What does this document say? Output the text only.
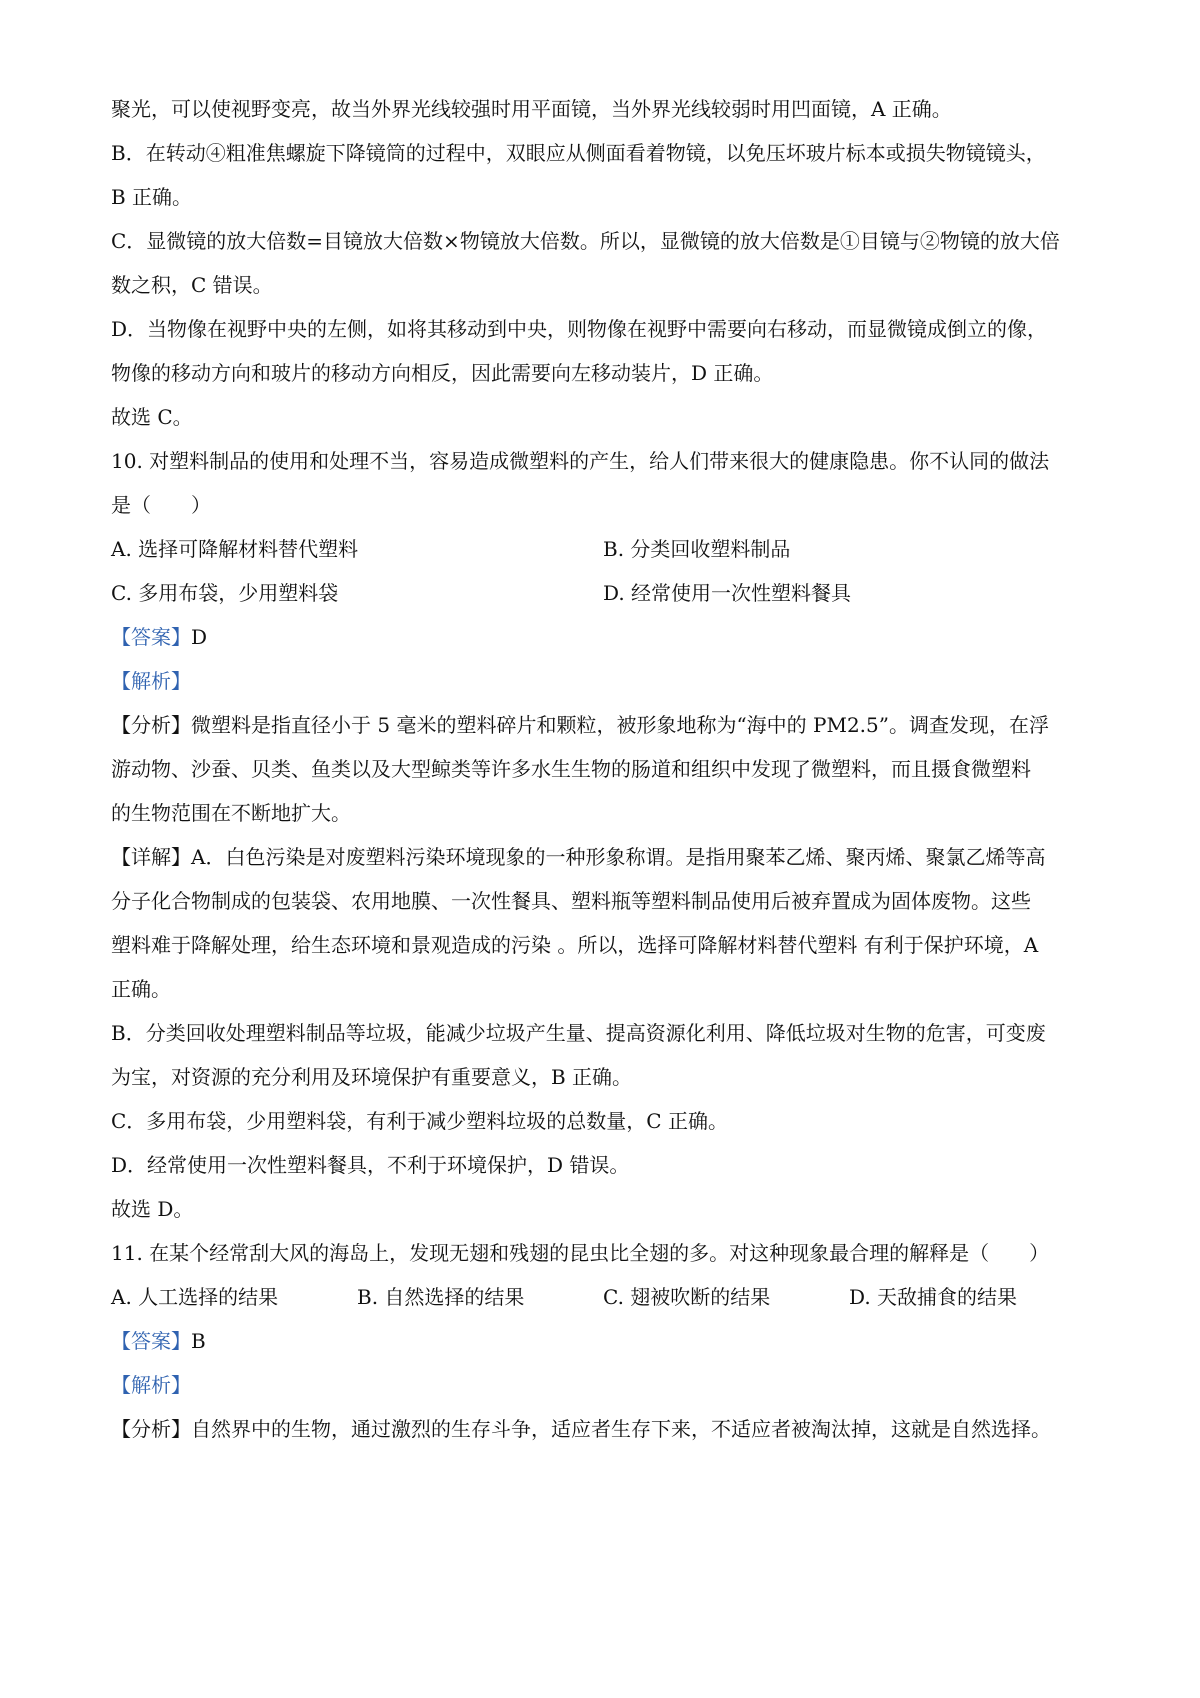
聚光，可以使视野变亮，故当外界光线较强时用平面镜，当外界光线较弱时用凹面镜，A 正确。
B．在转动④粗准焦螺旋下降镜筒的过程中，双眼应从侧面看着物镜，以免压坏玻片标本或损失物镜镜头，
B 正确。
C．显微镜的放大倍数=目镜放大倍数×物镜放大倍数。所以，显微镜的放大倍数是①目镜与②物镜的放大倍
数之积，C 错误。
D．当物像在视野中央的左侧，如将其移动到中央，则物像在视野中需要向右移动，而显微镜成倒立的像，
物像的移动方向和玻片的移动方向相反，因此需要向左移动装片，D 正确。
故选 C。
10. 对塑料制品的使用和处理不当，容易造成微塑料的产生，给人们带来很大的健康隐患。你不认同的做法
是（　　）
A. 选择可降解材料替代塑料	B. 分类回收塑料制品
C. 多用布袋，少用塑料袋	D. 经常使用一次性塑料餐具
【答案】D
【解析】
【分析】微塑料是指直径小于 5 毫米的塑料碎片和颗粒，被形象地称为“海中的 PM2.5”。调查发现，在浮
游动物、沙蚕、贝类、鱼类以及大型鲸类等许多水生生物的肠道和组织中发现了微塑料，而且摄食微塑料
的生物范围在不断地扩大。
【详解】A．白色污染是对废塑料污染环境现象的一种形象称谓。是指用聚苯乙烯、聚丙烯、聚氯乙烯等高
分子化合物制成的包装袋、农用地膜、一次性餐具、塑料瓶等塑料制品使用后被弃置成为固体废物。这些
塑料难于降解处理，给生态环境和景观造成的污染 。所以，选择可降解材料替代塑料 有利于保护环境，A
正确。
B．分类回收处理塑料制品等垃圾，能减少垃圾产生量、提高资源化利用、降低垃圾对生物的危害，可变废
为宝，对资源的充分利用及环境保护有重要意义，B 正确。
C．多用布袋，少用塑料袋，有利于减少塑料垃圾的总数量，C 正确。
D．经常使用一次性塑料餐具，不利于环境保护，D 错误。
故选 D。
11. 在某个经常刮大风的海岛上，发现无翅和残翅的昆虫比全翅的多。对这种现象最合理的解释是（　　）
A. 人工选择的结果	B. 自然选择的结果	C. 翅被吹断的结果	D. 天敌捕食的结果
【答案】B
【解析】
【分析】自然界中的生物，通过激烈的生存斗争，适应者生存下来，不适应者被淘汰掉，这就是自然选择。
